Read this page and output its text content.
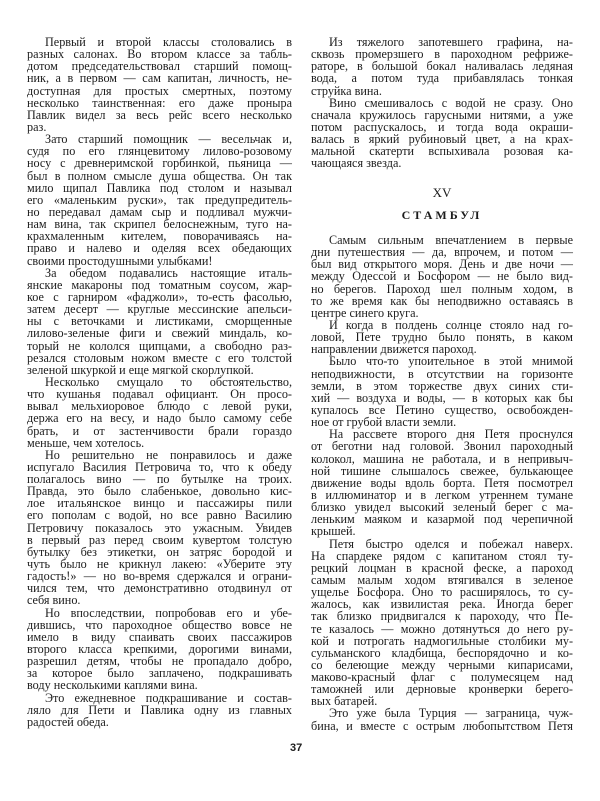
Первый и второй классы столовались в
разных салонах. Во втором классе за табль-
дотом председательствовал старший помощ-
ник, а в первом — сам капитан, личность, не-
доступная для простых смертных, поэтому
несколько таинственная: его даже проныра
Павлик видел за весь рейс всего несколько
раз.
Зато старший помощник — весельчак и,
судя по его глянцевитому лилово-розовому
носу с древнеримской горбинкой, пьяница —
был в полном смысле душа общества. Он так
мило щипал Павлика под столом и называл
его «маленьким руски», так предупредитель-
но передавал дамам сыр и подливал мужчи-
нам вина, так скрипел белоснежным, туго на-
крахмаленным кителем, поворачиваясь на-
право и налево и оделяя всех обедающих
своими простодушными улыбками!
За обедом подавались настоящие италь-
янские макароны под томатным соусом, жар-
кое с гарниром «фаджоли», то-есть фасолью,
затем десерт — круглые мессинские апельси-
ны с веточками и листиками, сморщенные
лилово-зеленые фиги и свежий миндаль, ко-
торый не кололся щипцами, а свободно раз-
резался столовым ножом вместе с его толстой
зеленой шкуркой и еще мягкой скорлупкой.
Несколько смущало то обстоятельство,
что кушанья подавал официант. Он просо-
вывал мельхиоровое блюдо с левой руки,
держа его на весу, и надо было самому себе
брать, и от застенчивости брали гораздо
меньше, чем хотелось.
Но решительно не понравилось и даже
испугало Василия Петровича то, что к обеду
полагалось вино — по бутылке на троих.
Правда, это было слабенькое, довольно кис-
лое итальянское винцо и пассажиры пили
его пополам с водой, но все равно Василию
Петровичу показалось это ужасным. Увидев
в первый раз перед своим кувертом толстую
бутылку без этикетки, он затряс бородой и
чуть было не крикнул лакею: «Уберите эту
гадость!» — но во-время сдержался и ограни-
чился тем, что демонстративно отодвинул от
себя вино.
Но впоследствии, попробовав его и убе-
дившись, что пароходное общество вовсе не
имело в виду спаивать своих пассажиров
второго класса крепкими, дорогими винами,
разрешил детям, чтобы не пропадало добро,
за которое было заплачено, подкрашивать
воду несколькими каплями вина.
Это ежедневное подкрашивание и состав-
ляло для Пети и Павлика одну из главных
радостей обеда.
Из тяжелого запотевшего графина, на-
сквозь промерзшего в пароходном рефриже-
раторе, в большой бокал наливалась ледяная
вода, а потом туда прибавлялась тонкая
струйка вина.
Вино смешивалось с водой не сразу. Оно
сначала кружилось гарусными нитями, а уже
потом распускалось, и тогда вода окраши-
валась в яркий рубиновый цвет, а на крах-
мальной скатерти вспыхивала розовая ка-
чающаяся звезда.
XV
СТАМБУЛ
Самым сильным впечатлением в первые
дни путешествия — да, впрочем, и потом —
был вид открытого моря. День и две ночи —
между Одессой и Босфором — не было вид-
но берегов. Пароход шел полным ходом, в
то же время как бы неподвижно оставаясь в
центре синего круга.
И когда в полдень солнце стояло над го-
ловой, Пете трудно было понять, в каком
направлении движется пароход.
Было что-то упоительное в этой мнимой
неподвижности, в отсутствии на горизонте
земли, в этом торжестве двух синих сти-
хий — воздуха и воды, — в которых как бы
купалось все Петино существо, освобожден-
ное от грубой власти земли.
На рассвете второго дня Петя проснулся
от беготни над головой. Звонил пароходный
колокол, машина не работала, и в непривыч-
ной тишине слышалось свежее, булькающее
движение воды вдоль борта. Петя посмотрел
в иллюминатор и в легком утреннем тумане
близко увидел высокий зеленый берег с ма-
леньким маяком и казармой под черепичной
крышей.
Петя быстро оделся и побежал наверх.
На спардеке рядом с капитаном стоял ту-
рецкий лоцман в красной феске, а пароход
самым малым ходом втягивался в зеленое
ущелье Босфора. Оно то расширялось, то су-
жалось, как извилистая река. Иногда берег
так близко придвигался к пароходу, что Пе-
те казалось — можно дотянуться до него ру-
кой и потрогать надмогильные столбики му-
сульманского кладбища, беспорядочно и ко-
со белеющие между черными кипарисами,
маково-красный флаг с полумесяцем над
таможней или дерновые кронверки берего-
вых батарей.
Это уже была Турция — заграница, чуж-
бина, и вместе с острым любопытством Петя
37
